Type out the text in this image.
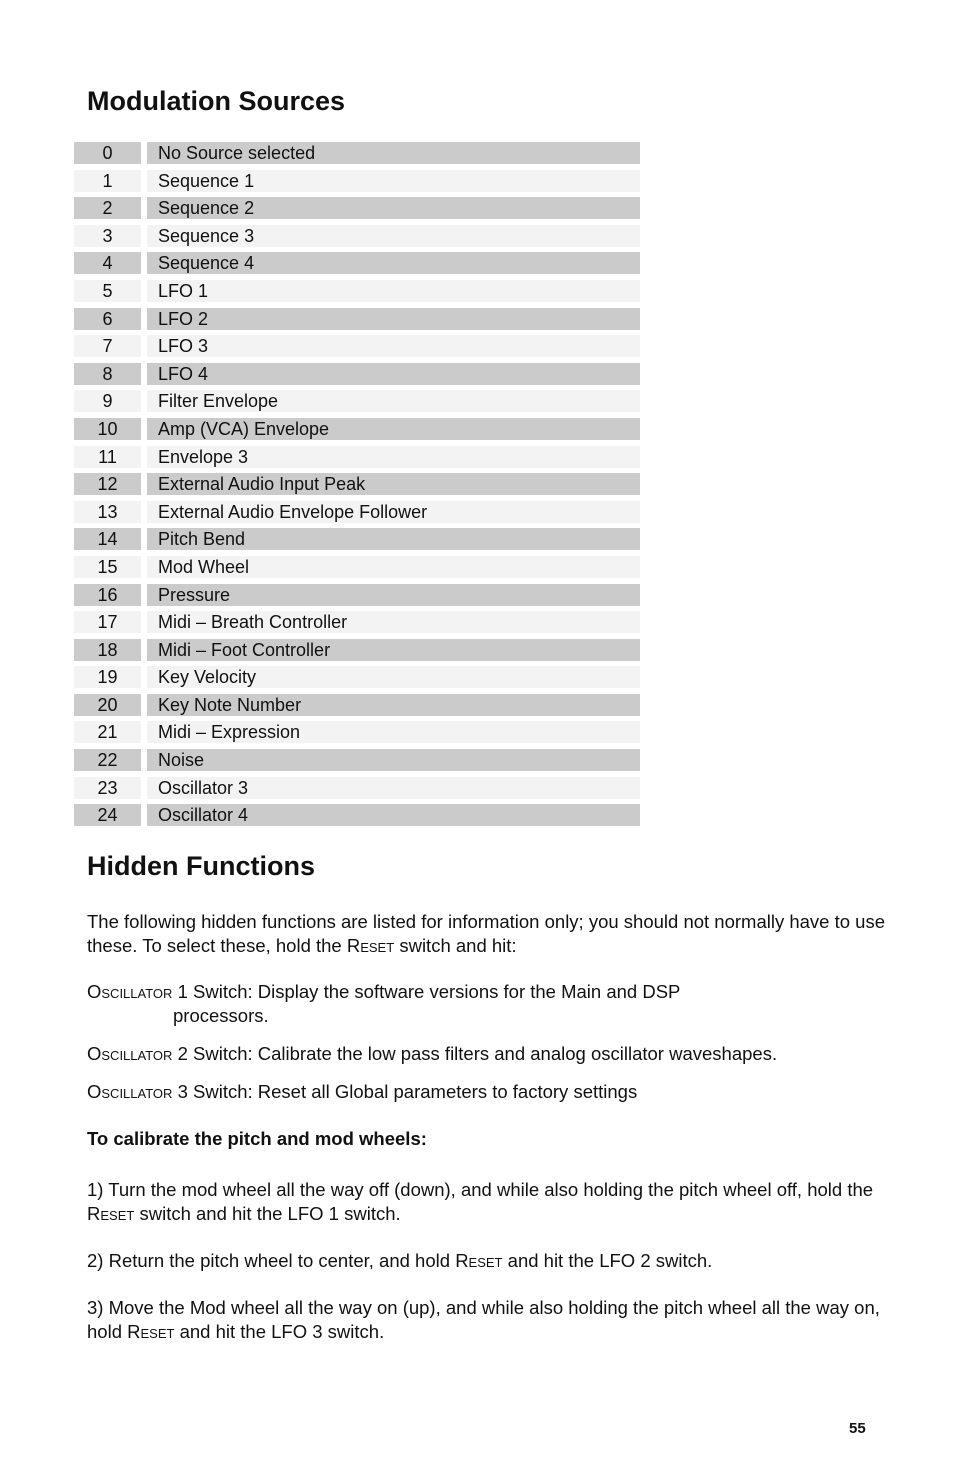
Modulation Sources
0	No Source selected
1	Sequence 1
2	Sequence 2
3	Sequence 3
4	Sequence 4
5	LFO 1
6	LFO 2
7	LFO 3
8	LFO 4
9	Filter Envelope
10	Amp (VCA) Envelope
11	Envelope 3
12	External Audio Input Peak
13	External Audio Envelope Follower
14	Pitch Bend
15	Mod Wheel
16	Pressure
17	Midi – Breath Controller
18	Midi – Foot Controller
19	Key Velocity
20	Key Note Number
21	Midi – Expression
22	Noise
23	Oscillator 3
24	Oscillator 4
Hidden Functions

The following hidden functions are listed for information only; you should not normally have to use these. To select these, hold the Reset switch and hit:

Oscillator 1 Switch: Display the software versions for the Main and DSP
processors.

Oscillator 2 Switch: Calibrate the low pass filters and analog oscillator waveshapes.

Oscillator 3 Switch: Reset all Global parameters to factory settings

To calibrate the pitch and mod wheels:

1) Turn the mod wheel all the way off (down), and while also holding the pitch wheel off, hold the Reset switch and hit the LFO 1 switch.

2) Return the pitch wheel to center, and hold Reset and hit the LFO 2 switch.

3) Move the Mod wheel all the way on (up), and while also holding the pitch wheel all the way on, hold Reset and hit the LFO 3 switch.

55
